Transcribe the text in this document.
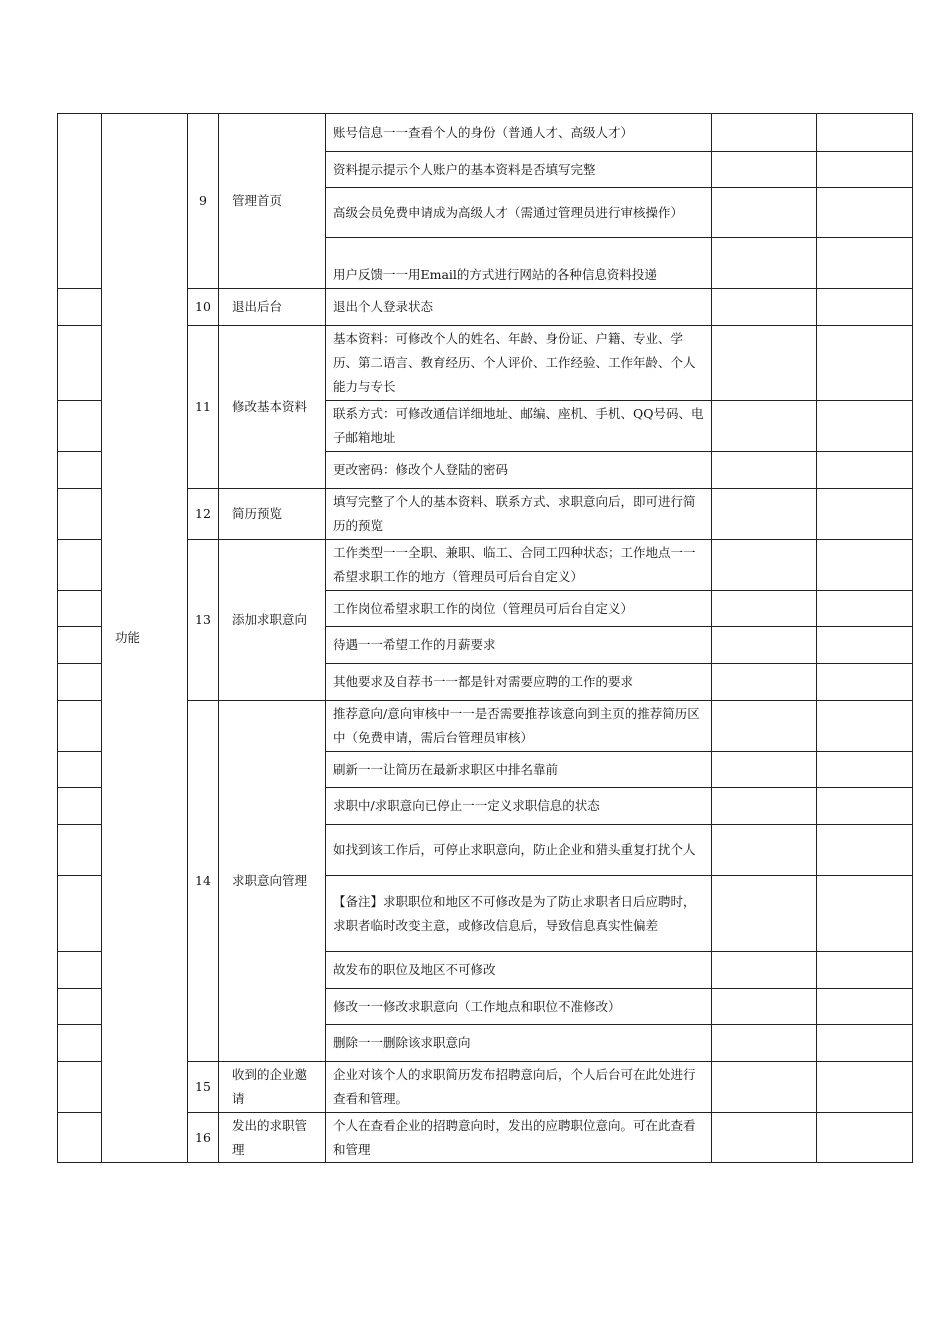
	功能	9	管理首页	账号信息一一查看个人的身份（普通人才、高级人才）		
				资料提示提示个人账户的基本资料是否填写完整		
				高级会员免费申请成为高级人才（需通过管理员进行审核操作）		
				用户反馈一一用Email的方式进行网站的各种信息资料投递		
		10	退出后台	退出个人登录状态		
		11	修改基本资料	基本资料：可修改个人的姓名、年龄、身份证、户籍、专业、学历、第二语言、教育经历、个人评价、工作经验、工作年龄、个人能力与专长		
				联系方式：可修改通信详细地址、邮编、座机、手机、QQ号码、电子邮箱地址		
				更改密码：修改个人登陆的密码		
		12	简历预览	填写完整了个人的基本资料、联系方式、求职意向后，即可进行简历的预览		
		13	添加求职意向	工作类型一一全职、兼职、临工、合同工四种状态；工作地点一一希望求职工作的地方（管理员可后台自定义）		
				工作岗位希望求职工作的岗位（管理员可后台自定义）		
				待遇一一希望工作的月薪要求		
				其他要求及自荐书一一都是针对需要应聘的工作的要求		
		14	求职意向管理	推荐意向/意向审核中一一是否需要推荐该意向到主页的推荐简历区中（免费申请，需后台管理员审核）		
				刷新一一让简历在最新求职区中排名靠前		
				求职中/求职意向已停止一一定义求职信息的状态		
				如找到该工作后，可停止求职意向，防止企业和猎头重复打扰个人		
				【备注】求职职位和地区不可修改是为了防止求职者日后应聘时，求职者临时改变主意，或修改信息后，导致信息真实性偏差		
				故发布的职位及地区不可修改		
				修改一一修改求职意向（工作地点和职位不准修改）		
				删除一一删除该求职意向		
		15	收到的企业邀请	企业对该个人的求职简历发布招聘意向后，个人后台可在此处进行查看和管理。		
		16	发出的求职管理	个人在查看企业的招聘意向时，发出的应聘职位意向。可在此查看和管理		
